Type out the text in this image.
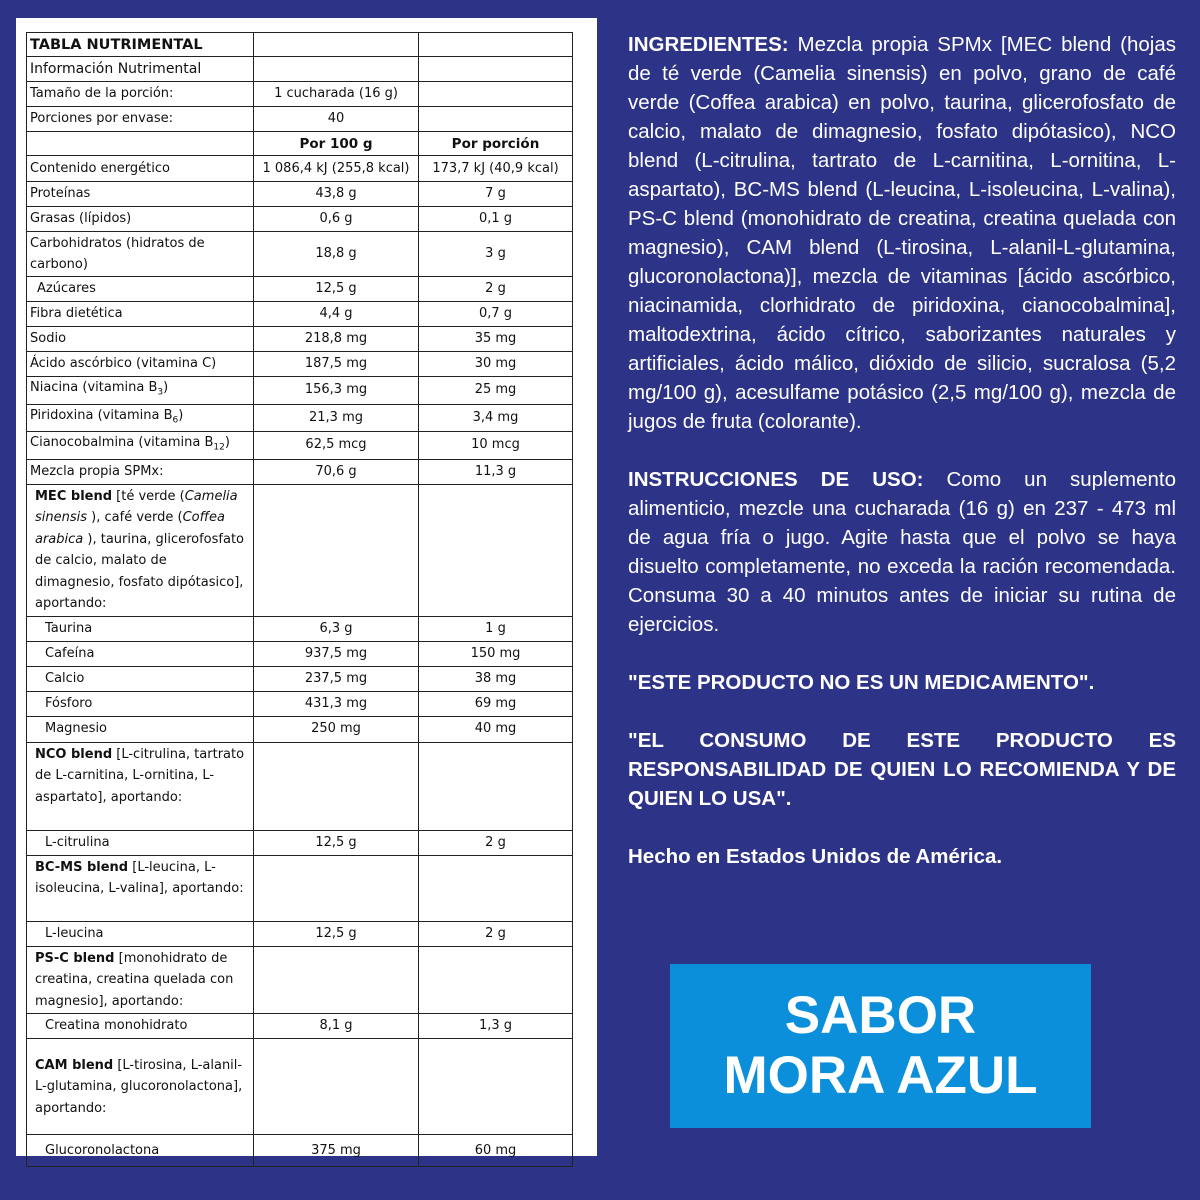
TABLA NUTRIMENTAL		
Información Nutrimental		
Tamaño de la porción:	1 cucharada (16 g)	
Porciones por envase:	40	
	Por 100 g	Por porción
Contenido energético	1 086,4 kJ (255,8 kcal)	173,7 kJ (40,9 kcal)
Proteínas	43,8 g	7 g
Grasas (lípidos)	0,6 g	0,1 g
Carbohidratos (hidratos de carbono)	18,8 g	3 g
Azúcares	12,5 g	2 g
Fibra dietética	4,4 g	0,7 g
Sodio	218,8 mg	35 mg
Ácido ascórbico (vitamina C)	187,5 mg	30 mg
Niacina (vitamina $B_3$)	156,3 mg	25 mg
Piridoxina (vitamina $B_6$)	21,3 mg	3,4 mg
Cianocobalmina (vitamina $B_{12}$)	62,5 mcg	10 mcg
Mezcla propia SPMx:	70,6 g	11,3 g
MEC blend [té verde (Camelia sinensis ), café verde (Coffea arabica ), taurina, glicerofosfato de calcio, malato de dimagnesio, fosfato dipótasico], aportando:		
Taurina	6,3 g	1 g
Cafeína	937,5 mg	150 mg
Calcio	237,5 mg	38 mg
Fósforo	431,3 mg	69 mg
Magnesio	250 mg	40 mg
NCO blend [L-citrulina, tartrato de L-carnitina, L-ornitina, L-aspartato], aportando:		
L-citrulina	12,5 g	2 g
BC-MS blend [L-leucina, L-isoleucina, L-valina], aportando:		
L-leucina	12,5 g	2 g
PS-C blend [monohidrato de creatina, creatina quelada con magnesio], aportando:		
Creatina monohidrato	8,1 g	1,3 g
CAM blend [L-tirosina, L-alanil-L-glutamina, glucoronolactona], aportando:		
Glucoronolactona	375 mg	60 mg

INGREDIENTES: Mezcla propia SPMx [MEC blend (hojas de té verde (Camelia sinensis) en polvo, grano de café verde (Coffea arabica) en polvo, taurina, glicerofosfato de calcio, malato de dimagnesio, fosfato dipótasico), NCO blend (L-citrulina, tartrato de L-carnitina, L-ornitina, L-aspartato), BC-MS blend (L-leucina, L-isoleucina, L-valina), PS-C blend (monohidrato de creatina, creatina quelada con magnesio), CAM blend (L-tirosina, L-alanil-L-glutamina, glucoronolactona)], mezcla de vitaminas [ácido ascórbico, niacinamida, clorhidrato de piridoxina, cianocobalmina], maltodextrina, ácido cítrico, saborizantes naturales y artificiales, ácido málico, dióxido de silicio, sucralosa (5,2 mg/100 g), acesulfame potásico (2,5 mg/100 g), mezcla de jugos de fruta (colorante).

INSTRUCCIONES DE USO: Como un suplemento alimenticio, mezcle una cucharada (16 g) en 237 - 473 ml de agua fría o jugo. Agite hasta que el polvo se haya disuelto completamente, no exceda la ración recomendada. Consuma 30 a 40 minutos antes de iniciar su rutina de ejercicios.

"ESTE PRODUCTO NO ES UN MEDICAMENTO".

"EL CONSUMO DE ESTE PRODUCTO ES RESPONSABILIDAD DE QUIEN LO RECOMIENDA Y DE QUIEN LO USA".

Hecho en Estados Unidos de América.

SABOR
MORA AZUL
